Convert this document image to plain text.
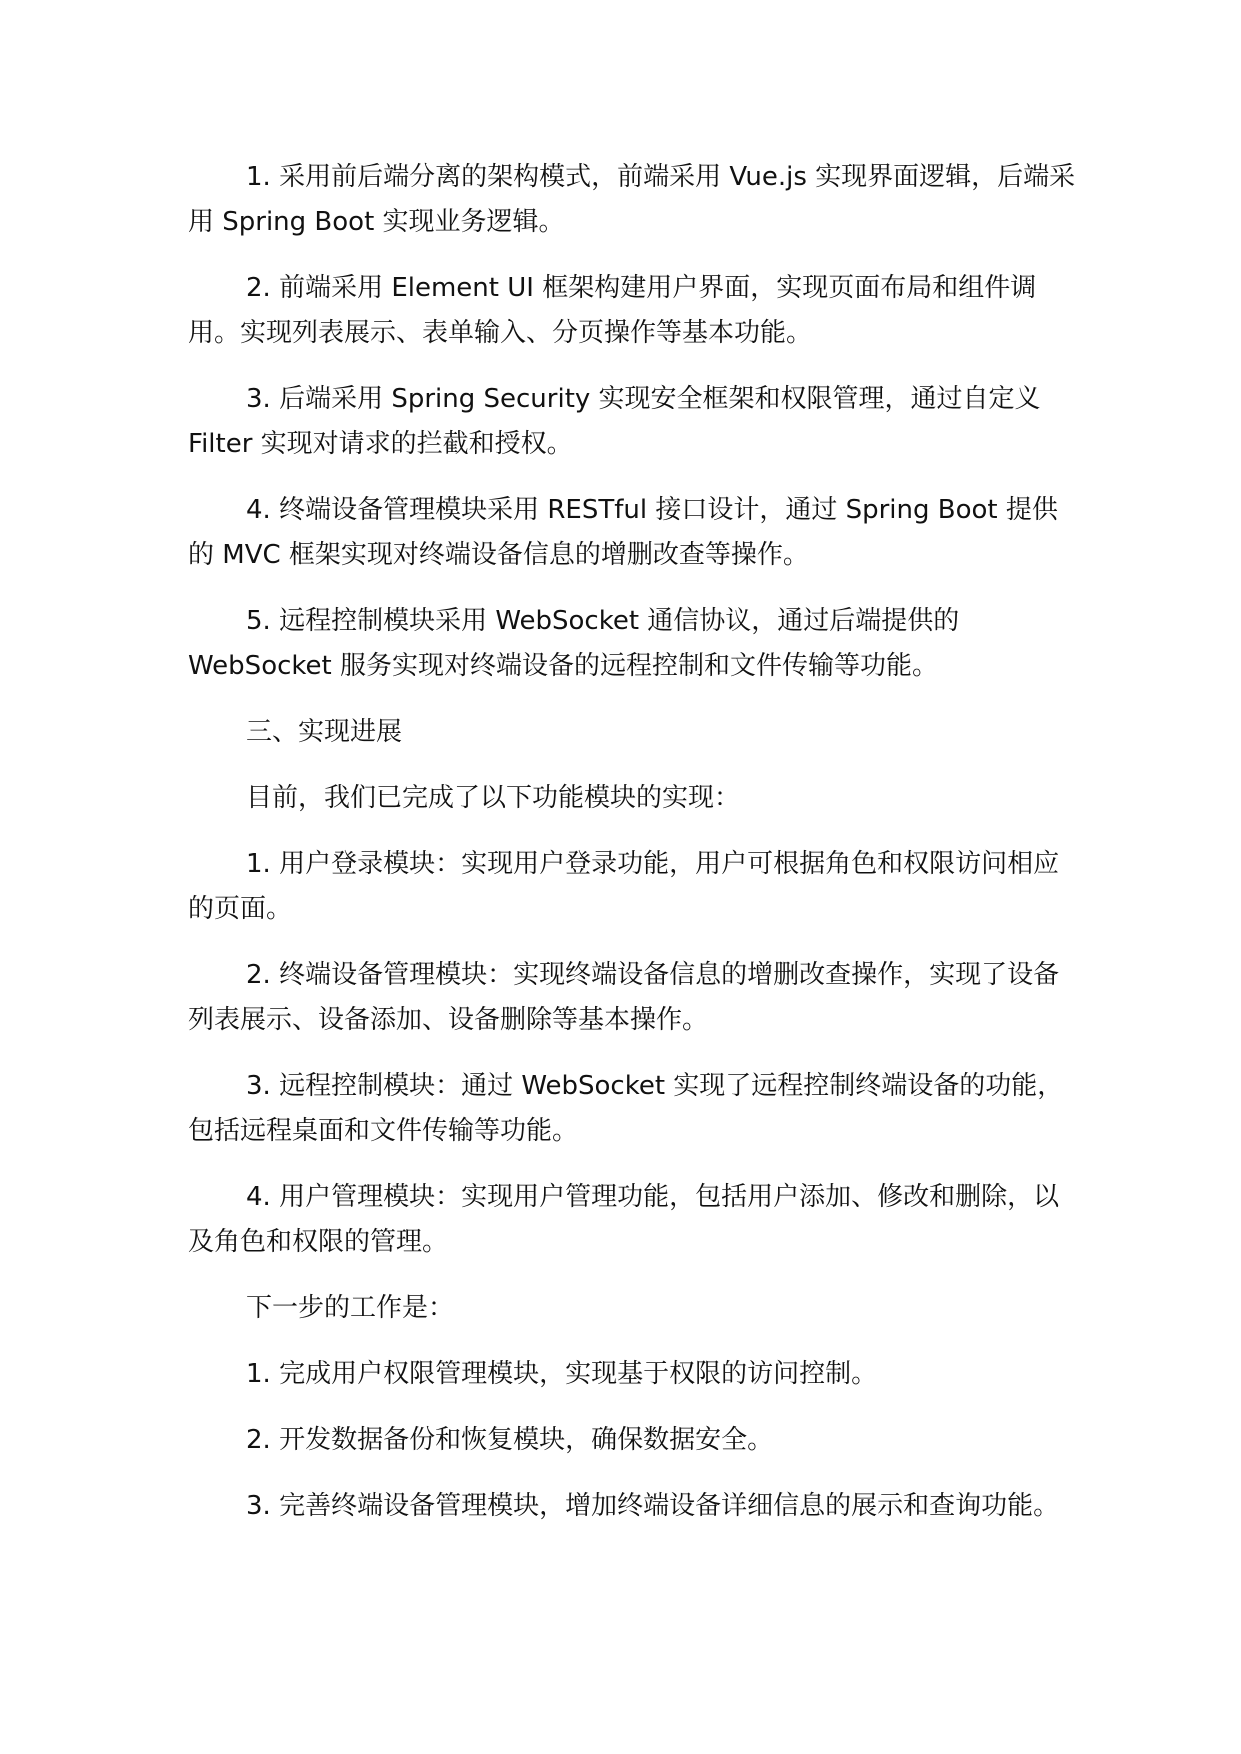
1. 采用前后端分离的架构模式，前端采用 Vue.js 实现界面逻辑，后端采用 Spring Boot 实现业务逻辑。

2. 前端采用 Element UI 框架构建用户界面，实现页面布局和组件调用。实现列表展示、表单输入、分页操作等基本功能。

3. 后端采用 Spring Security 实现安全框架和权限管理，通过自定义 Filter 实现对请求的拦截和授权。

4. 终端设备管理模块采用 RESTful 接口设计，通过 Spring Boot 提供的 MVC 框架实现对终端设备信息的增删改查等操作。

5. 远程控制模块采用 WebSocket 通信协议，通过后端提供的 WebSocket 服务实现对终端设备的远程控制和文件传输等功能。

三、实现进展

目前，我们已完成了以下功能模块的实现：

1. 用户登录模块：实现用户登录功能，用户可根据角色和权限访问相应的页面。

2. 终端设备管理模块：实现终端设备信息的增删改查操作，实现了设备列表展示、设备添加、设备删除等基本操作。

3. 远程控制模块：通过 WebSocket 实现了远程控制终端设备的功能，包括远程桌面和文件传输等功能。

4. 用户管理模块：实现用户管理功能，包括用户添加、修改和删除，以及角色和权限的管理。

下一步的工作是：

1. 完成用户权限管理模块，实现基于权限的访问控制。

2. 开发数据备份和恢复模块，确保数据安全。

3. 完善终端设备管理模块，增加终端设备详细信息的展示和查询功能。
